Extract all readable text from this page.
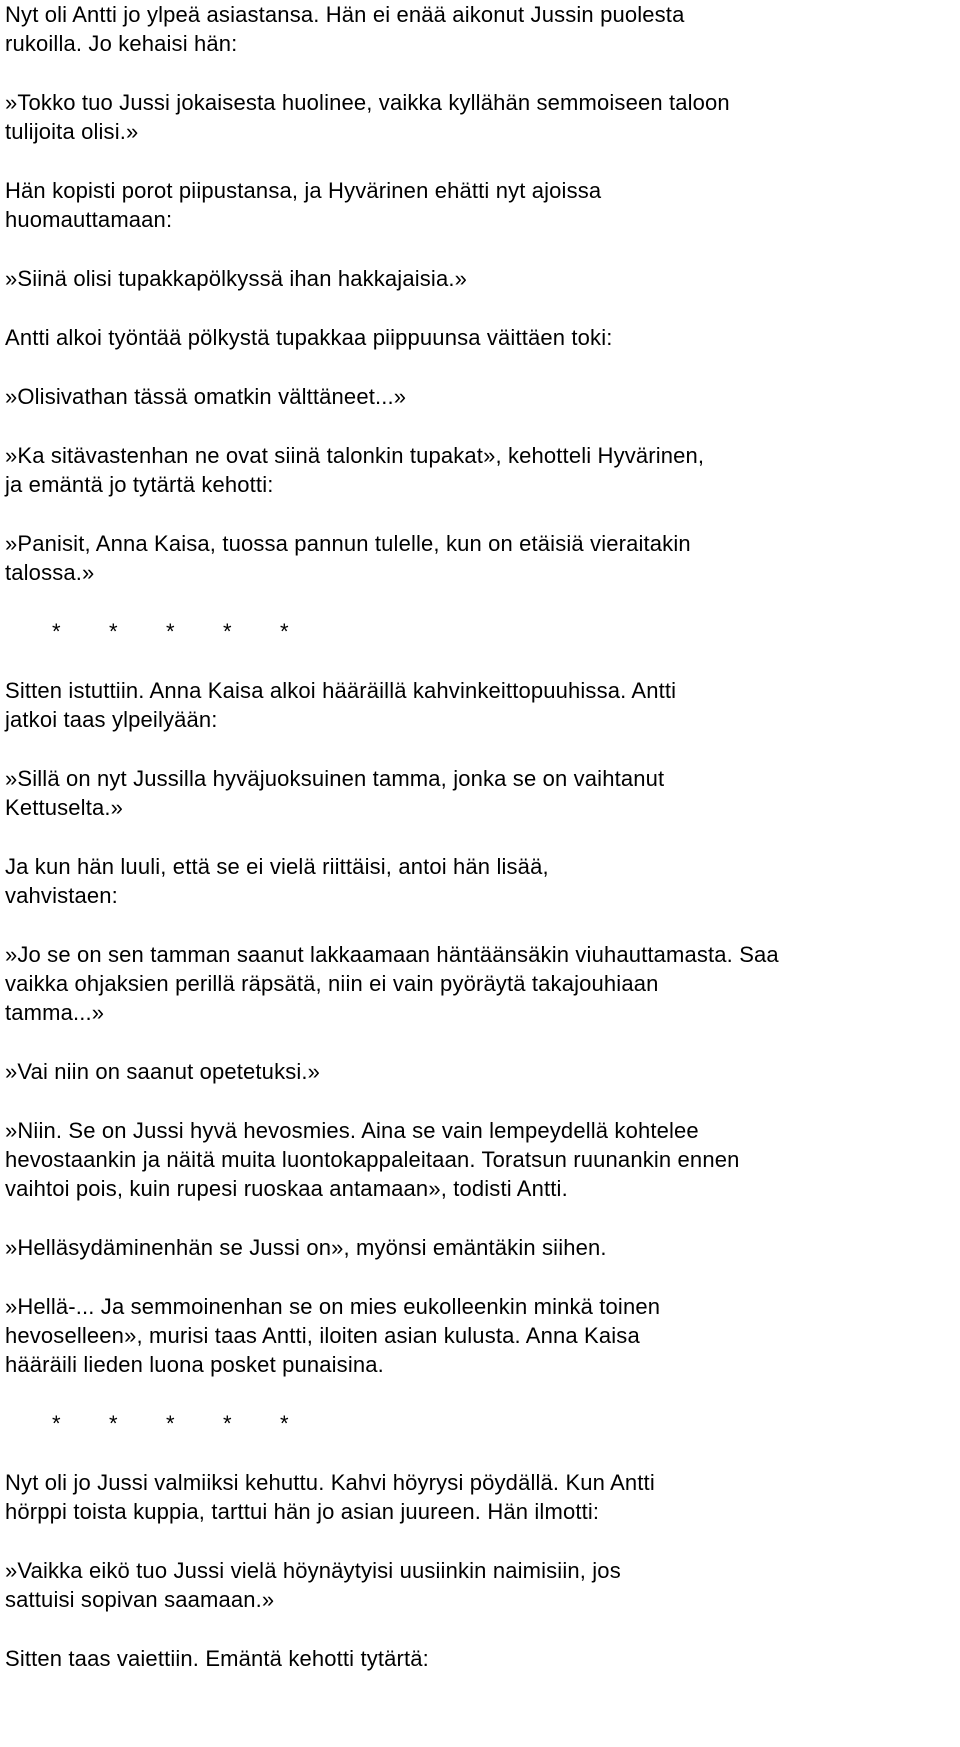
Nyt oli Antti jo ylpeä asiastansa. Hän ei enää aikonut Jussin puolesta
rukoilla. Jo kehaisi hän:
»Tokko tuo Jussi jokaisesta huolinee, vaikka kyllähän semmoiseen taloon
tulijoita olisi.»
Hän kopisti porot piipustansa, ja Hyvärinen ehätti nyt ajoissa
huomauttamaan:
»Siinä olisi tupakkapölkyssä ihan hakkajaisia.»
Antti alkoi työntää pölkystä tupakkaa piippuunsa väittäen toki:
»Olisivathan tässä omatkin välttäneet...»
»Ka sitävastenhan ne ovat siinä talonkin tupakat», kehotteli Hyvärinen,
ja emäntä jo tytärtä kehotti:
»Panisit, Anna Kaisa, tuossa pannun tulelle, kun on etäisiä vieraitakin
talossa.»
* * * * *
Sitten istuttiin. Anna Kaisa alkoi hääräillä kahvinkeittopuuhissa. Antti
jatkoi taas ylpeilyään:
»Sillä on nyt Jussilla hyväjuoksuinen tamma, jonka se on vaihtanut
Kettuselta.»
Ja kun hän luuli, että se ei vielä riittäisi, antoi hän lisää,
vahvistaen:
»Jo se on sen tamman saanut lakkaamaan häntäänsäkin viuhauttamasta. Saa
vaikka ohjaksien perillä räpsätä, niin ei vain pyöräytä takajouhiaan
tamma...»
»Vai niin on saanut opetetuksi.»
»Niin. Se on Jussi hyvä hevosmies. Aina se vain lempeydellä kohtelee
hevostaankin ja näitä muita luontokappaleitaan. Toratsun ruunankin ennen
vaihtoi pois, kuin rupesi ruoskaa antamaan», todisti Antti.
»Helläsydäminenhän se Jussi on», myönsi emäntäkin siihen.
»Hellä-... Ja semmoinenhan se on mies eukolleenkin minkä toinen
hevoselleen», murisi taas Antti, iloiten asian kulusta. Anna Kaisa
hääräili lieden luona posket punaisina.
* * * * *
Nyt oli jo Jussi valmiiksi kehuttu. Kahvi höyrysi pöydällä. Kun Antti
hörppi toista kuppia, tarttui hän jo asian juureen. Hän ilmotti:
»Vaikka eikö tuo Jussi vielä höynäytyisi uusiinkin naimisiin, jos
sattuisi sopivan saamaan.»
Sitten taas vaiettiin. Emäntä kehotti tytärtä:
